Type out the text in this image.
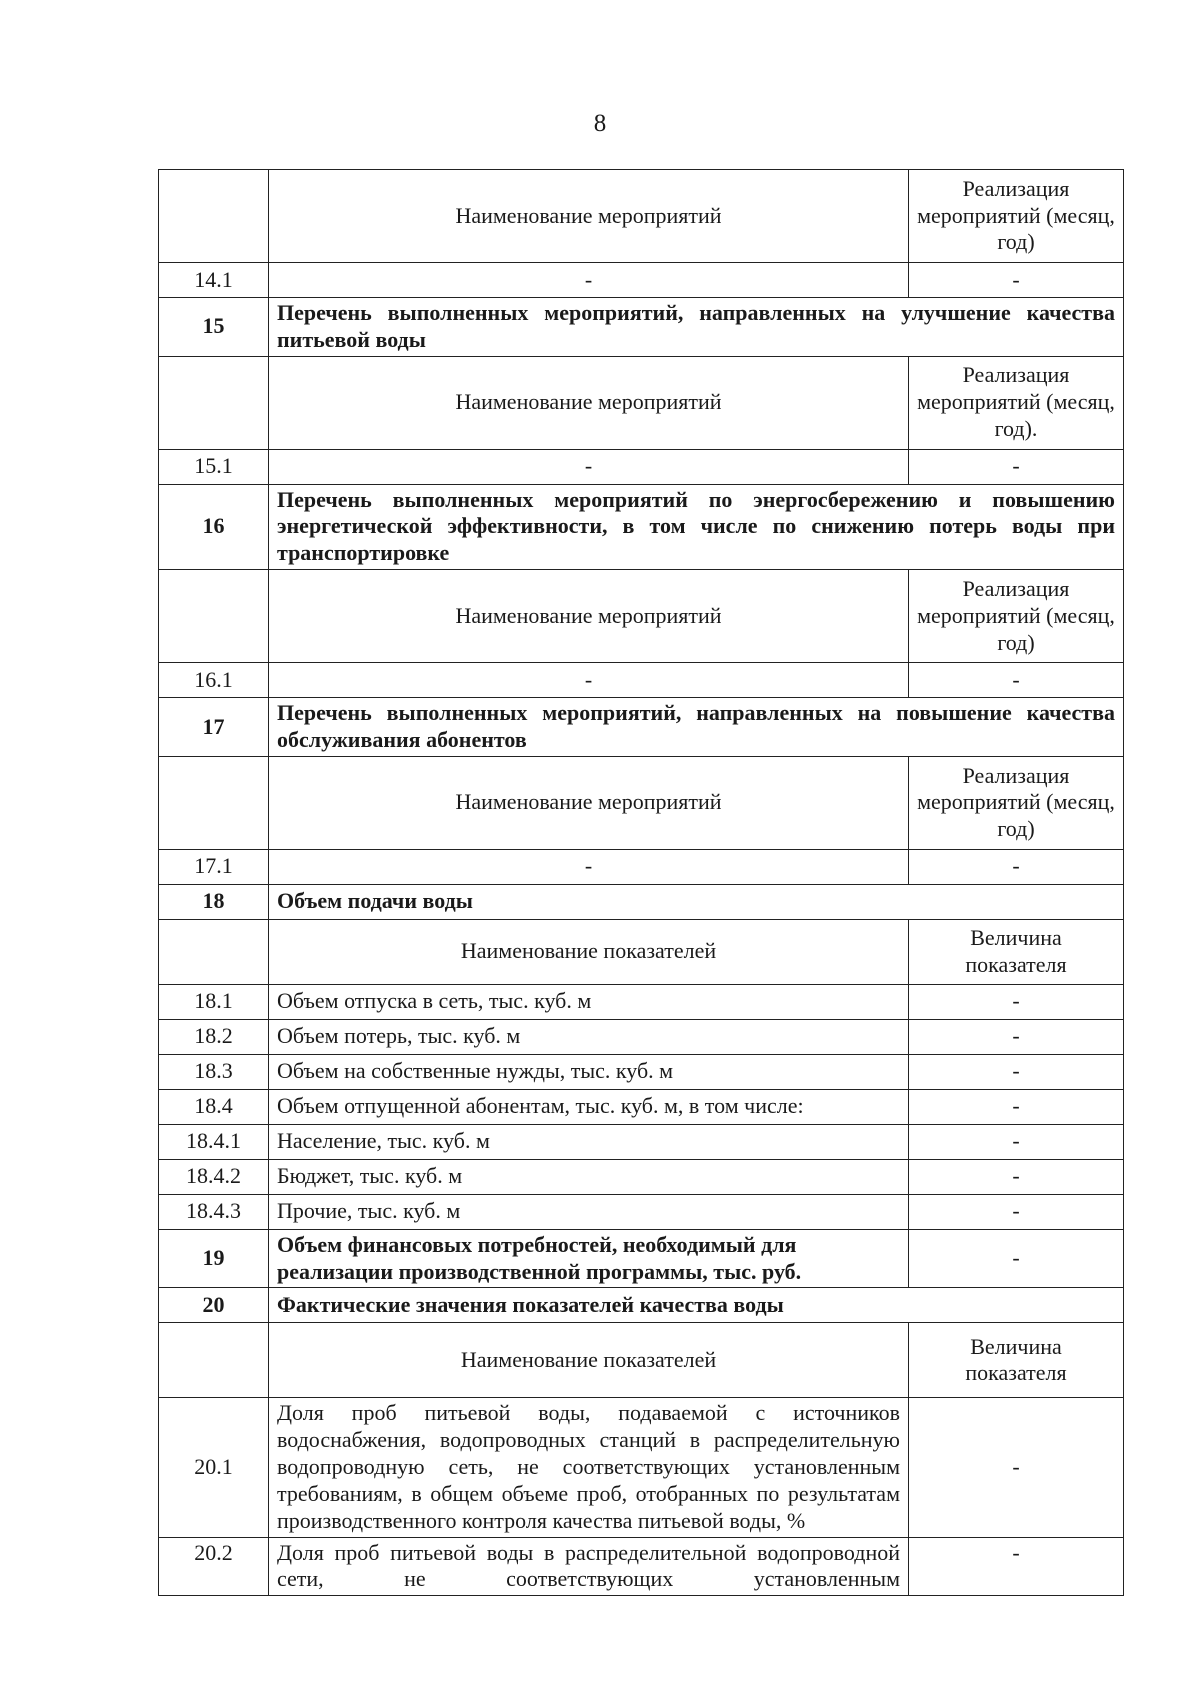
8
	Наименование мероприятий	Реализация мероприятий (месяц, год)
14.1	-	-
15	Перечень выполненных мероприятий, направленных на улучшение качества питьевой воды	
	Наименование мероприятий	Реализация мероприятий (месяц, год).
15.1	-	-
16	Перечень выполненных мероприятий по энергосбережению и повышению энергетической эффективности, в том числе по снижению потерь воды при транспортировке	
	Наименование мероприятий	Реализация мероприятий (месяц, год)
16.1	-	-
17	Перечень выполненных мероприятий, направленных на повышение качества обслуживания абонентов	
	Наименование мероприятий	Реализация мероприятий (месяц, год)
17.1	-	-
18	Объем подачи воды	
	Наименование показателей	Величина показателя
18.1	Объем отпуска в сеть, тыс. куб. м	-
18.2	Объем потерь, тыс. куб. м	-
18.3	Объем на собственные нужды, тыс. куб. м	-
18.4	Объем отпущенной абонентам, тыс. куб. м, в том числе:	-
18.4.1	Население, тыс. куб. м	-
18.4.2	Бюджет, тыс. куб. м	-
18.4.3	Прочие, тыс. куб. м	-
19	Объем финансовых потребностей, необходимый для реализации производственной программы, тыс. руб.	-
20	Фактические значения показателей качества воды	
	Наименование показателей	Величина показателя
20.1	Доля проб питьевой воды, подаваемой с источников водоснабжения, водопроводных станций в распределительную водопроводную сеть, не соответствующих установленным требованиям, в общем объеме проб, отобранных по результатам производственного контроля качества питьевой воды, %	-
20.2	Доля проб питьевой воды в распределительной водопроводной сети, не соответствующих установленным	-
